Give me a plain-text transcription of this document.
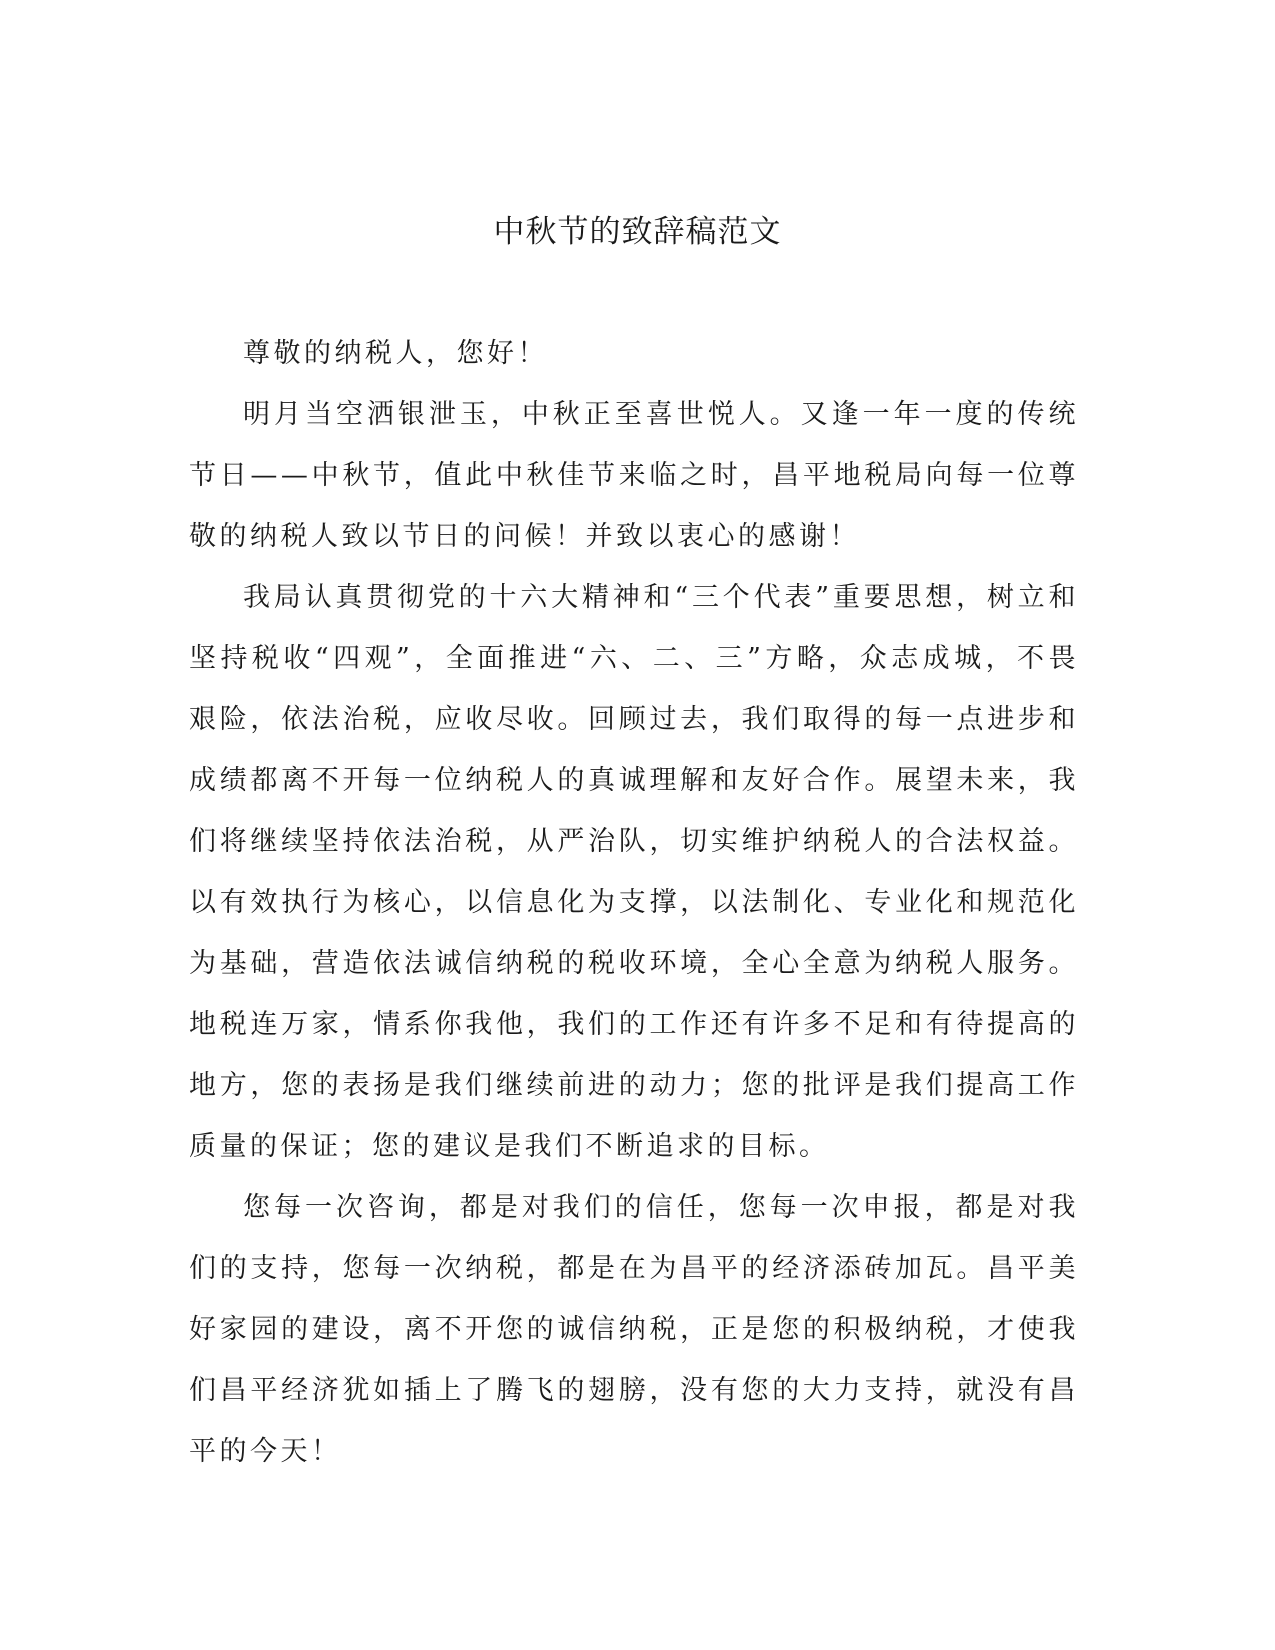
中秋节的致辞稿范文

尊敬的纳税人，您好！

明月当空洒银泄玉，中秋正至喜世悦人。又逢一年一度的传统节日——中秋节，值此中秋佳节来临之时，昌平地税局向每一位尊敬的纳税人致以节日的问候！并致以衷心的感谢！

我局认真贯彻党的十六大精神和“三个代表”重要思想，树立和坚持税收“四观”，全面推进“六、二、三”方略，众志成城，不畏艰险，依法治税，应收尽收。回顾过去，我们取得的每一点进步和成绩都离不开每一位纳税人的真诚理解和友好合作。展望未来，我们将继续坚持依法治税，从严治队，切实维护纳税人的合法权益。以有效执行为核心，以信息化为支撑，以法制化、专业化和规范化为基础，营造依法诚信纳税的税收环境，全心全意为纳税人服务。地税连万家，情系你我他，我们的工作还有许多不足和有待提高的地方，您的表扬是我们继续前进的动力；您的批评是我们提高工作质量的保证；您的建议是我们不断追求的目标。

您每一次咨询，都是对我们的信任，您每一次申报，都是对我们的支持，您每一次纳税，都是在为昌平的经济添砖加瓦。昌平美好家园的建设，离不开您的诚信纳税，正是您的积极纳税，才使我们昌平经济犹如插上了腾飞的翅膀，没有您的大力支持，就没有昌平的今天！
